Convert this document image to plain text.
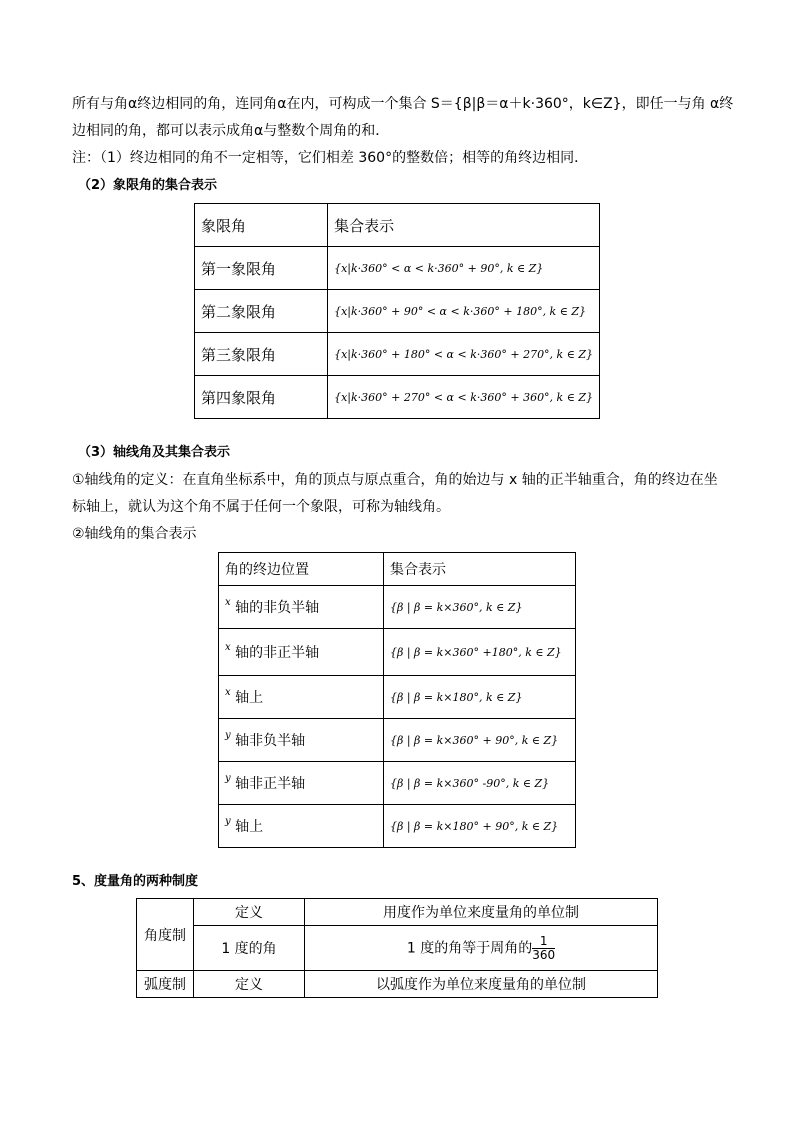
所有与角α终边相同的角，连同角α在内，可构成一个集合 S＝{β|β＝α＋k·360°，k∈Z}，即任一与角 α终
边相同的角，都可以表示成角α与整数个周角的和．
注：（1）终边相同的角不一定相等，它们相差 360°的整数倍；相等的角终边相同．
（2）象限角的集合表示
象限角	集合表示
第一象限角	{x|k·360° < α < k·360° + 90°, k ∈ Z}
第二象限角	{x|k·360° + 90° < α < k·360° + 180°, k ∈ Z}
第三象限角	{x|k·360° + 180° < α < k·360° + 270°, k ∈ Z}
第四象限角	{x|k·360° + 270° < α < k·360° + 360°, k ∈ Z}
（3）轴线角及其集合表示
①轴线角的定义：在直角坐标系中，角的顶点与原点重合，角的始边与 x 轴的正半轴重合，角的终边在坐
标轴上，就认为这个角不属于任何一个象限，可称为轴线角。
②轴线角的集合表示
角的终边位置	集合表示
$^x$ 轴的非负半轴	{β | β = k×360°, k ∈ Z}
$^x$ 轴的非正半轴	{β | β = k×360° +180°, k ∈ Z}
$^x$ 轴上	{β | β = k×180°, k ∈ Z}
$^y$ 轴非负半轴	{β | β = k×360° + 90°, k ∈ Z}
$^y$ 轴非正半轴	{β | β = k×360° -90°, k ∈ Z}
$^y$ 轴上	{β | β = k×180° + 90°, k ∈ Z}
5、度量角的两种制度
角度制	定义	用度作为单位来度量角的单位制
	1 度的角	1 度的角等于周角的 $\frac{1}{360}$

弧度制	定义	以弧度作为单位来度量角的单位制
